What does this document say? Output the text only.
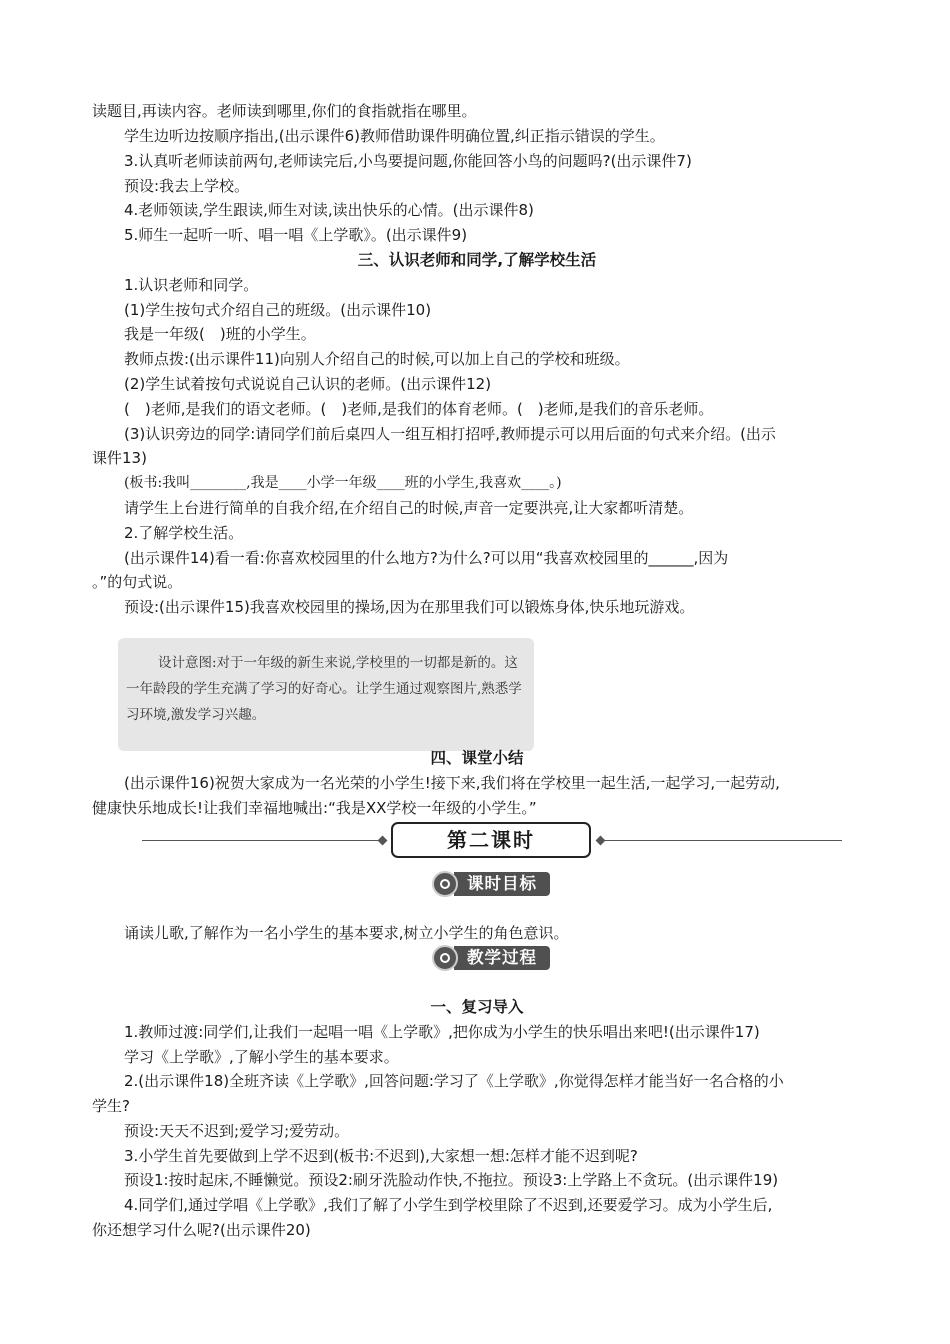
读题目,再读内容。老师读到哪里,你们的食指就指在哪里。
学生边听边按顺序指出,(出示课件6)教师借助课件明确位置,纠正指示错误的学生。
3.认真听老师读前两句,老师读完后,小鸟要提问题,你能回答小鸟的问题吗?(出示课件7)
预设:我去上学校。
4.老师领读,学生跟读,师生对读,读出快乐的心情。(出示课件8)
5.师生一起听一听、唱一唱《上学歌》。(出示课件9)
三、认识老师和同学,了解学校生活
1.认识老师和同学。
(1)学生按句式介绍自己的班级。(出示课件10)
我是一年级(　)班的小学生。
教师点拨:(出示课件11)向别人介绍自己的时候,可以加上自己的学校和班级。
(2)学生试着按句式说说自己认识的老师。(出示课件12)
(　)老师,是我们的语文老师。(　)老师,是我们的体育老师。(　)老师,是我们的音乐老师。
(3)认识旁边的同学:请同学们前后桌四人一组互相打招呼,教师提示可以用后面的句式来介绍。(出示
课件13)
(板书:我叫________,我是____小学一年级____班的小学生,我喜欢____。)
请学生上台进行简单的自我介绍,在介绍自己的时候,声音一定要洪亮,让大家都听清楚。
2.了解学校生活。
(出示课件14)看一看:你喜欢校园里的什么地方?为什么?可以用“我喜欢校园里的______,因为
。”的句式说。
预设:(出示课件15)我喜欢校园里的操场,因为在那里我们可以锻炼身体,快乐地玩游戏。
设计意图:对于一年级的新生来说,学校里的一切都是新的。这一年龄段的学生充满了学习的好奇心。让学生通过观察图片,熟悉学习环境,激发学习兴趣。
四、课堂小结
(出示课件16)祝贺大家成为一名光荣的小学生!接下来,我们将在学校里一起生活,一起学习,一起劳动,
健康快乐地成长!让我们幸福地喊出:“我是XX学校一年级的小学生。”
第二课时
课时目标
诵读儿歌,了解作为一名小学生的基本要求,树立小学生的角色意识。
教学过程
一、复习导入
1.教师过渡:同学们,让我们一起唱一唱《上学歌》,把你成为小学生的快乐唱出来吧!(出示课件17)
学习《上学歌》,了解小学生的基本要求。
2.(出示课件18)全班齐读《上学歌》,回答问题:学习了《上学歌》,你觉得怎样才能当好一名合格的小
学生?
预设:天天不迟到;爱学习;爱劳动。
3.小学生首先要做到上学不迟到(板书:不迟到),大家想一想:怎样才能不迟到呢?
预设1:按时起床,不睡懒觉。预设2:刷牙洗脸动作快,不拖拉。预设3:上学路上不贪玩。(出示课件19)
4.同学们,通过学唱《上学歌》,我们了解了小学生到学校里除了不迟到,还要爱学习。成为小学生后,
你还想学习什么呢?(出示课件20)
